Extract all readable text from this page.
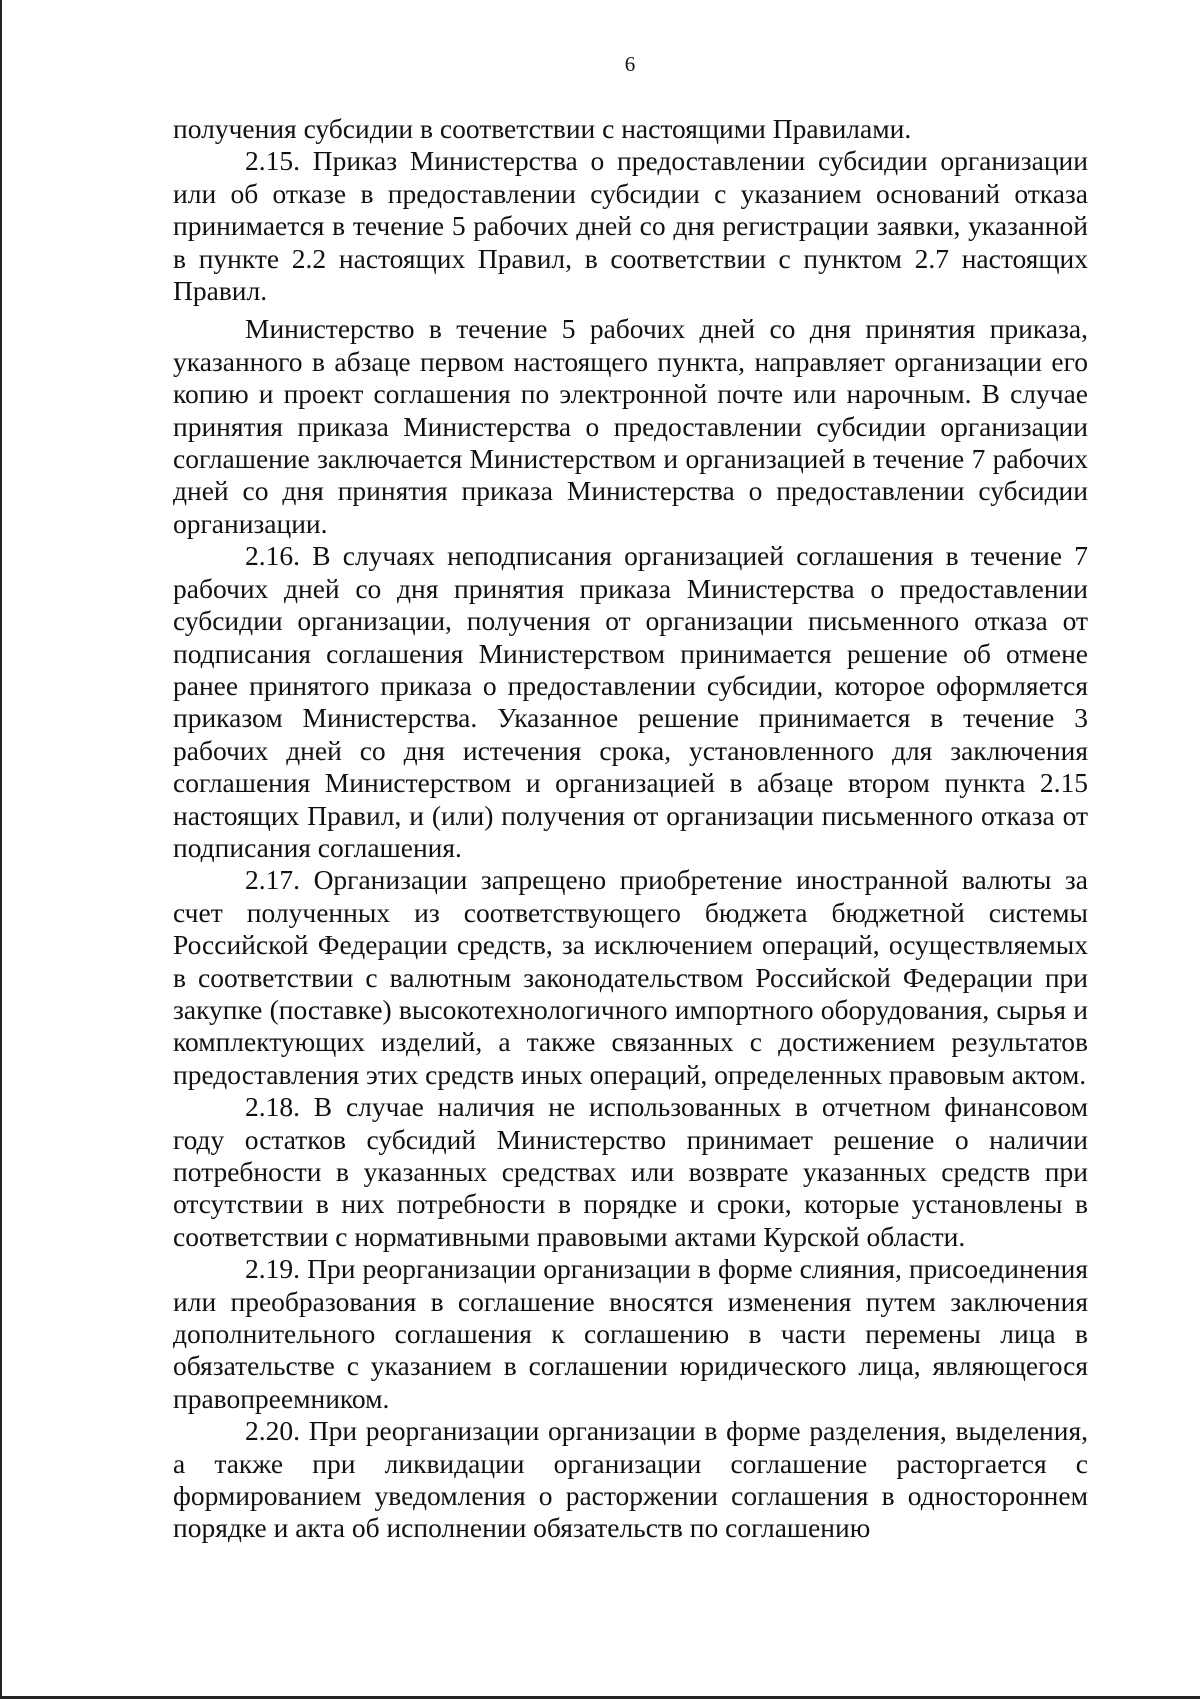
6

получения субсидии в соответствии с настоящими Правилами.

2.15. Приказ Министерства о предоставлении субсидии организации или об отказе в предоставлении субсидии с указанием оснований отказа принимается в течение 5 рабочих дней со дня регистрации заявки, указанной в пункте 2.2 настоящих Правил, в соответствии с пунктом 2.7 настоящих Правил.

Министерство в течение 5 рабочих дней со дня принятия приказа, указанного в абзаце первом настоящего пункта, направляет организации его копию и проект соглашения по электронной почте или нарочным. В случае принятия приказа Министерства о предоставлении субсидии организации соглашение заключается Министерством и организацией в течение 7 рабочих дней со дня принятия приказа Министерства о предоставлении субсидии организации.

2.16. В случаях неподписания организацией соглашения в течение 7 рабочих дней со дня принятия приказа Министерства о предоставлении субсидии организации, получения от организации письменного отказа от подписания соглашения Министерством принимается решение об отмене ранее принятого приказа о предоставлении субсидии, которое оформляется приказом Министерства. Указанное решение принимается в течение 3 рабочих дней со дня истечения срока, установленного для заключения соглашения Министерством и организацией в абзаце втором пункта 2.15 настоящих Правил, и (или) получения от организации письменного отказа от подписания соглашения.

2.17. Организации запрещено приобретение иностранной валюты за счет полученных из соответствующего бюджета бюджетной системы Российской Федерации средств, за исключением операций, осуществляемых в соответствии с валютным законодательством Российской Федерации при закупке (поставке) высокотехнологичного импортного оборудования, сырья и комплектующих изделий, а также связанных с достижением результатов предоставления этих средств иных операций, определенных правовым актом.

2.18. В случае наличия не использованных в отчетном финансовом году остатков субсидий Министерство принимает решение о наличии потребности в указанных средствах или возврате указанных средств при отсутствии в них потребности в порядке и сроки, которые установлены в соответствии с нормативными правовыми актами Курской области.

2.19. При реорганизации организации в форме слияния, присоединения или преобразования в соглашение вносятся изменения путем заключения дополнительного соглашения к соглашению в части перемены лица в обязательстве с указанием в соглашении юридического лица, являющегося правопреемником.

2.20. При реорганизации организации в форме разделения, выделения, а также при ликвидации организации соглашение расторгается с формированием уведомления о расторжении соглашения в одностороннем порядке и акта об исполнении обязательств по соглашению
